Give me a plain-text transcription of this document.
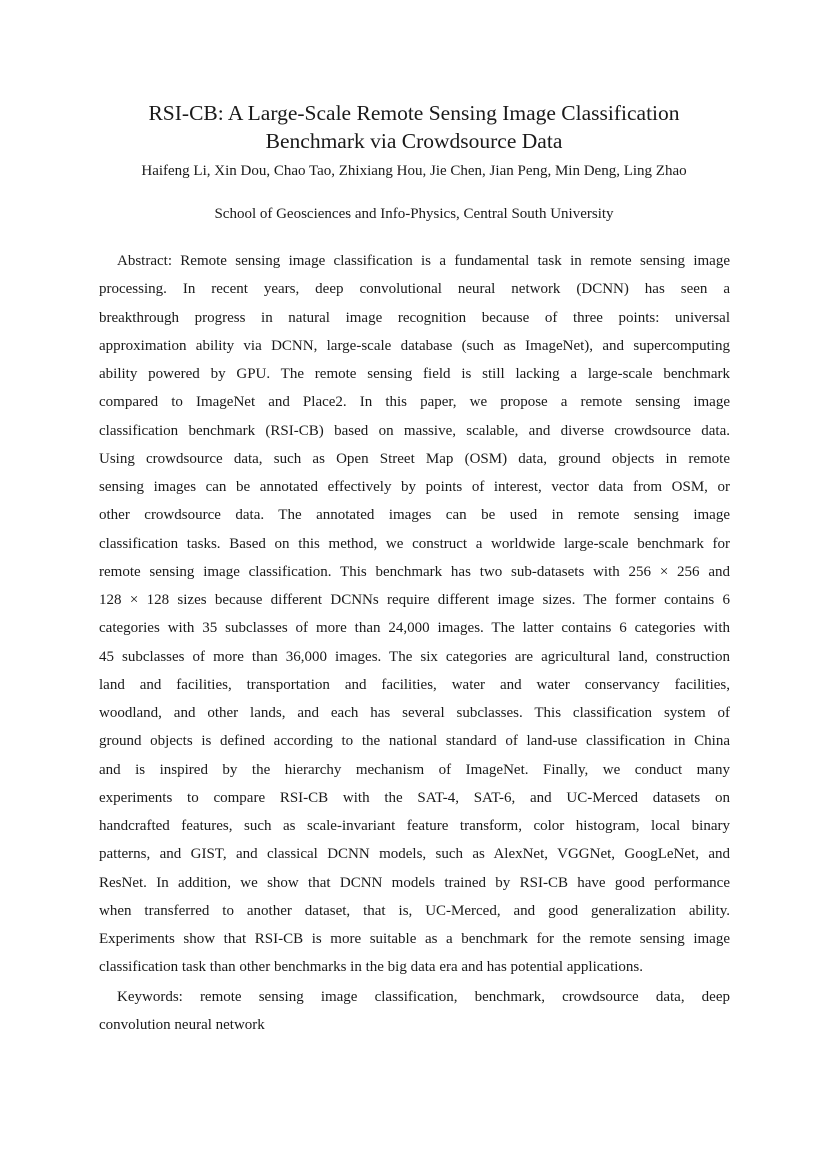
RSI-CB: A Large-Scale Remote Sensing Image Classification
Benchmark via Crowdsource Data
Haifeng Li, Xin Dou, Chao Tao, Zhixiang Hou, Jie Chen, Jian Peng, Min Deng, Ling Zhao
School of Geosciences and Info-Physics, Central South University

Abstract: Remote sensing image classification is a fundamental task in remote sensing image
processing. In recent years, deep convolutional neural network (DCNN) has seen a
breakthrough progress in natural image recognition because of three points: universal
approximation ability via DCNN, large-scale database (such as ImageNet), and supercomputing
ability powered by GPU. The remote sensing field is still lacking a large-scale benchmark
compared to ImageNet and Place2. In this paper, we propose a remote sensing image
classification benchmark (RSI-CB) based on massive, scalable, and diverse crowdsource data.
Using crowdsource data, such as Open Street Map (OSM) data, ground objects in remote
sensing images can be annotated effectively by points of interest, vector data from OSM, or
other crowdsource data. The annotated images can be used in remote sensing image
classification tasks. Based on this method, we construct a worldwide large-scale benchmark for
remote sensing image classification. This benchmark has two sub-datasets with 256 × 256 and
128 × 128 sizes because different DCNNs require different image sizes. The former contains 6
categories with 35 subclasses of more than 24,000 images. The latter contains 6 categories with
45 subclasses of more than 36,000 images. The six categories are agricultural land, construction
land and facilities, transportation and facilities, water and water conservancy facilities,
woodland, and other lands, and each has several subclasses. This classification system of
ground objects is defined according to the national standard of land-use classification in China
and is inspired by the hierarchy mechanism of ImageNet. Finally, we conduct many
experiments to compare RSI-CB with the SAT-4, SAT-6, and UC-Merced datasets on
handcrafted features, such as scale-invariant feature transform, color histogram, local binary
patterns, and GIST, and classical DCNN models, such as AlexNet, VGGNet, GoogLeNet, and
ResNet. In addition, we show that DCNN models trained by RSI-CB have good performance
when transferred to another dataset, that is, UC-Merced, and good generalization ability.
Experiments show that RSI-CB is more suitable as a benchmark for the remote sensing image
classification task than other benchmarks in the big data era and has potential applications.

Keywords: remote sensing image classification, benchmark, crowdsource data, deep
convolution neural network
